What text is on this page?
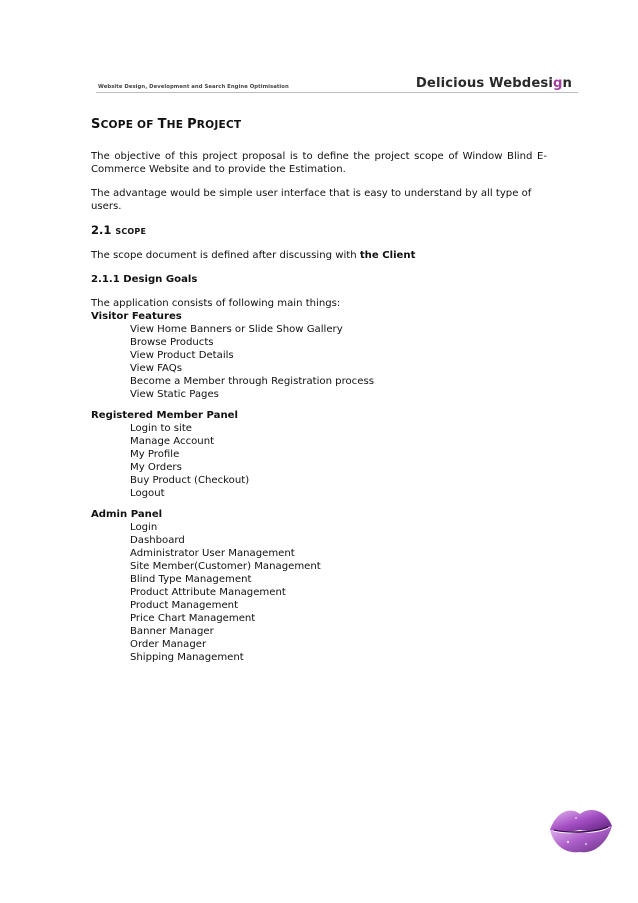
Website Design, Development and Search Engine Optimisation	Delicious Webdesign
SCOPE OF THE PROJECT

The objective of this project proposal is to define the project scope of Window Blind E-Commerce Website and to provide the Estimation.

The advantage would be simple user interface that is easy to understand by all type of users.

2.1 SCOPE

The scope document is defined after discussing with the Client

2.1.1 Design Goals

The application consists of following main things:

Visitor Features

View Home Banners or Slide Show Gallery
Browse Products
View Product Details
View FAQs
Become a Member through Registration process
View Static Pages

Registered Member Panel

Login to site
Manage Account
My Profile
My Orders
Buy Product (Checkout)
Logout

Admin Panel

Login
Dashboard
Administrator User Management
Site Member(Customer) Management
Blind Type Management
Product Attribute Management
Product Management
Price Chart Management
Banner Manager
Order Manager
Shipping Management
